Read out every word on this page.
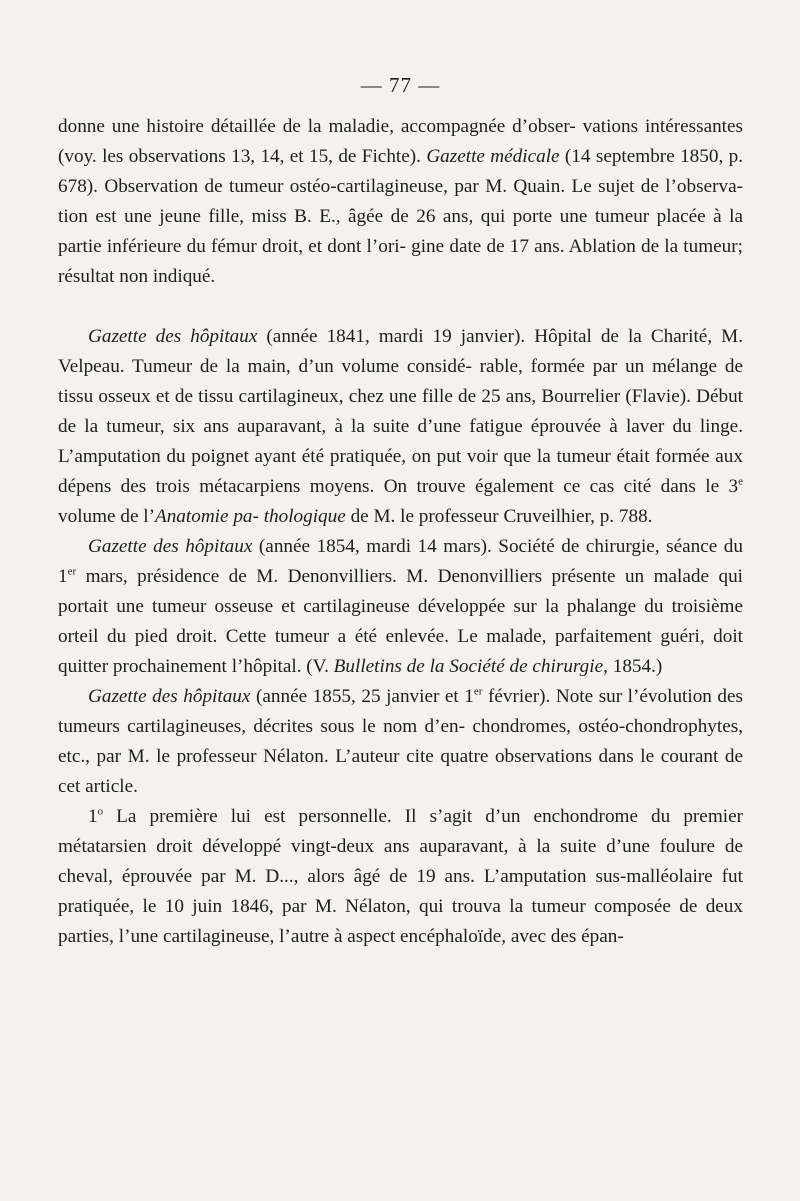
— 77 —

donne une histoire détaillée de la maladie, accompagnée d’obser- vations intéressantes (voy. les observations 13, 14, et 15, de Fichte). Gazette médicale (14 septembre 1850, p. 678). Observation de tumeur ostéo-cartilagineuse, par M. Quain. Le sujet de l’observa- tion est une jeune fille, miss B. E., âgée de 26 ans, qui porte une tumeur placée à la partie inférieure du fémur droit, et dont l’ori- gine date de 17 ans. Ablation de la tumeur; résultat non indiqué.

Gazette des hôpitaux (année 1841, mardi 19 janvier). Hôpital de la Charité, M. Velpeau. Tumeur de la main, d’un volume considé- rable, formée par un mélange de tissu osseux et de tissu cartilagineux, chez une fille de 25 ans, Bourrelier (Flavie). Début de la tumeur, six ans auparavant, à la suite d’une fatigue éprouvée à laver du linge. L’amputation du poignet ayant été pratiquée, on put voir que la tumeur était formée aux dépens des trois métacarpiens moyens. On trouve également ce cas cité dans le 3e volume de l’Anatomie pa- thologique de M. le professeur Cruveilhier, p. 788.

Gazette des hôpitaux (année 1854, mardi 14 mars). Société de chirurgie, séance du 1er mars, présidence de M. Denonvilliers. M. Denonvilliers présente un malade qui portait une tumeur osseuse et cartilagineuse développée sur la phalange du troisième orteil du pied droit. Cette tumeur a été enlevée. Le malade, parfaitement guéri, doit quitter prochainement l’hôpital. (V. Bulletins de la Société de chirurgie, 1854.)

Gazette des hôpitaux (année 1855, 25 janvier et 1er février). Note sur l’évolution des tumeurs cartilagineuses, décrites sous le nom d’en- chondromes, ostéo-chondrophytes, etc., par M. le professeur Nélaton. L’auteur cite quatre observations dans le courant de cet article.

1$^o$ La première lui est personnelle. Il s’agit d’un enchondrome du premier métatarsien droit développé vingt-deux ans auparavant, à la suite d’une foulure de cheval, éprouvée par M. D..., alors âgé de 19 ans. L’amputation sus-malléolaire fut pratiquée, le 10 juin 1846, par M. Nélaton, qui trouva la tumeur composée de deux parties, l’une cartilagineuse, l’autre à aspect encéphaloïde, avec des épan-
